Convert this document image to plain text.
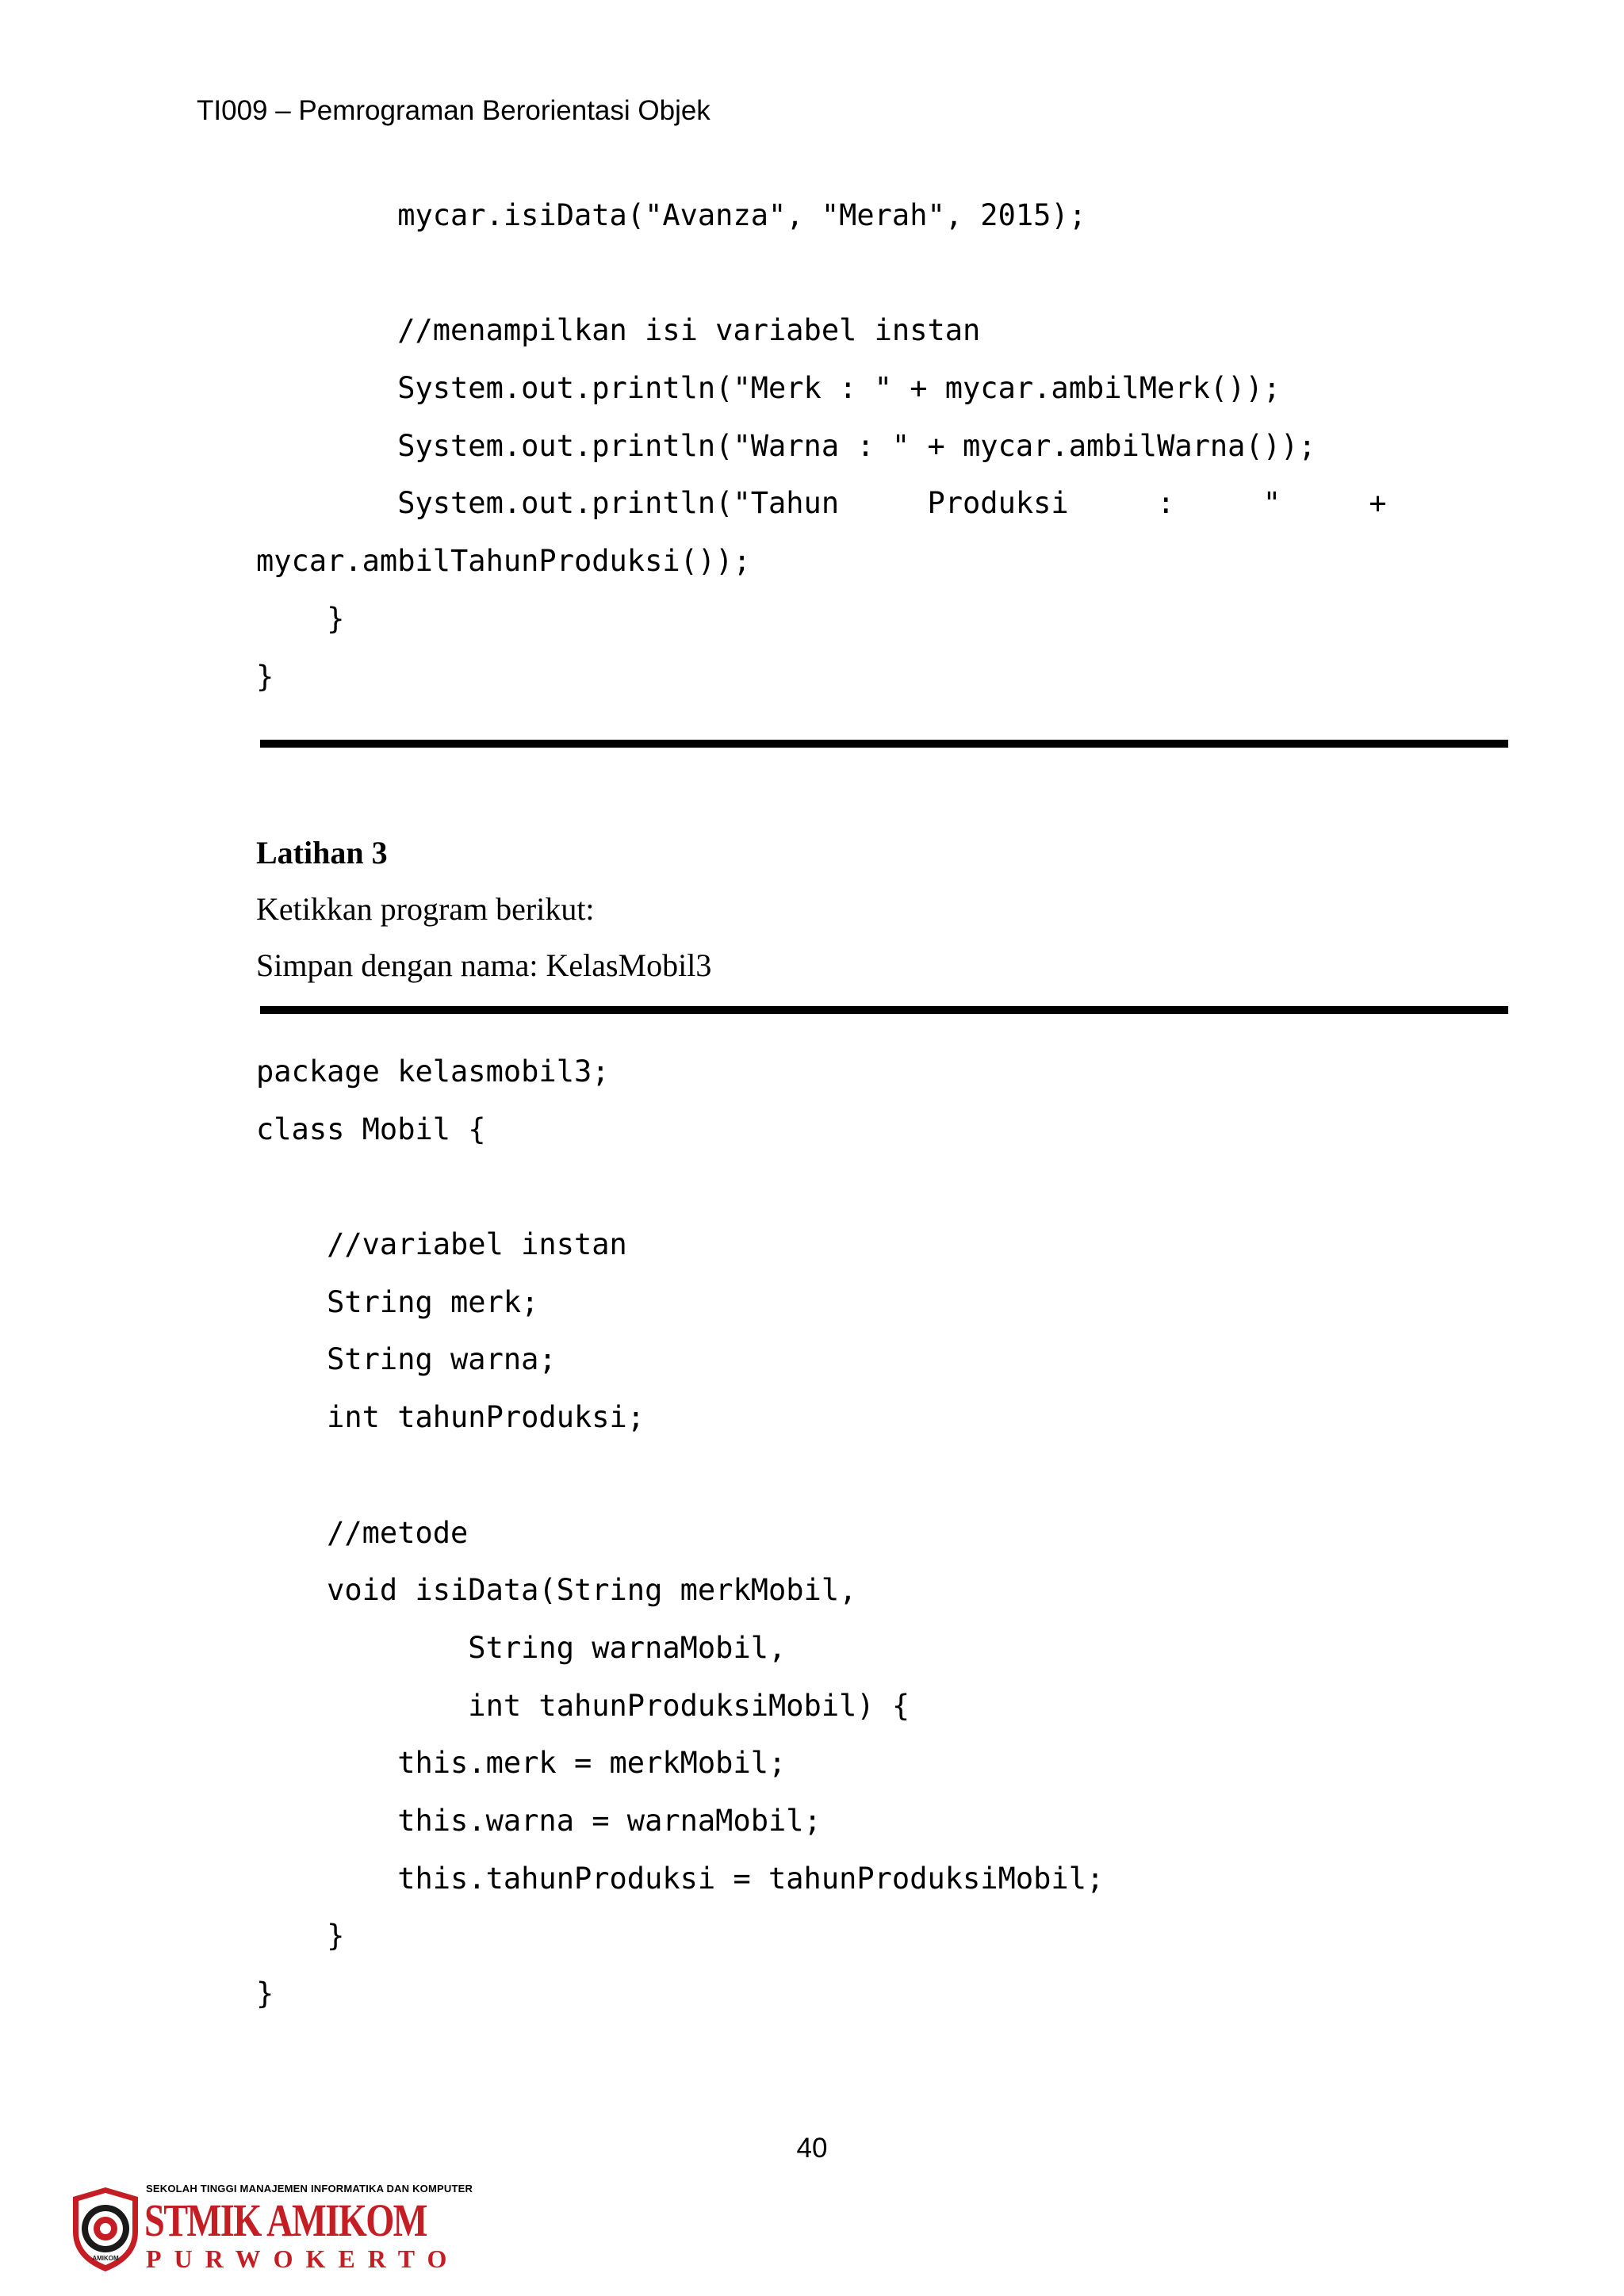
TI009 – Pemrograman Berorientasi Objek
mycar.isiData("Avanza", "Merah", 2015);
//menampilkan isi variabel instan
System.out.println("Merk : " + mycar.ambilMerk());
System.out.println("Warna : " + mycar.ambilWarna());
System.out.println("Tahun     Produksi     :     "     +
mycar.ambilTahunProduksi());
}
}
Latihan 3
Ketikkan program berikut:
Simpan dengan nama: KelasMobil3
package kelasmobil3;
class Mobil {
//variabel instan
String merk;
String warna;
int tahunProduksi;
//metode
void isiData(String merkMobil,
String warnaMobil,
int tahunProduksiMobil) {
this.merk = merkMobil;
this.warna = warnaMobil;
this.tahunProduksi = tahunProduksiMobil;
}
}
40
AMIKOM
SEKOLAH TINGGI MANAJEMEN INFORMATIKA DAN KOMPUTER
STMIK AMIKOM
PURWOKERTO
